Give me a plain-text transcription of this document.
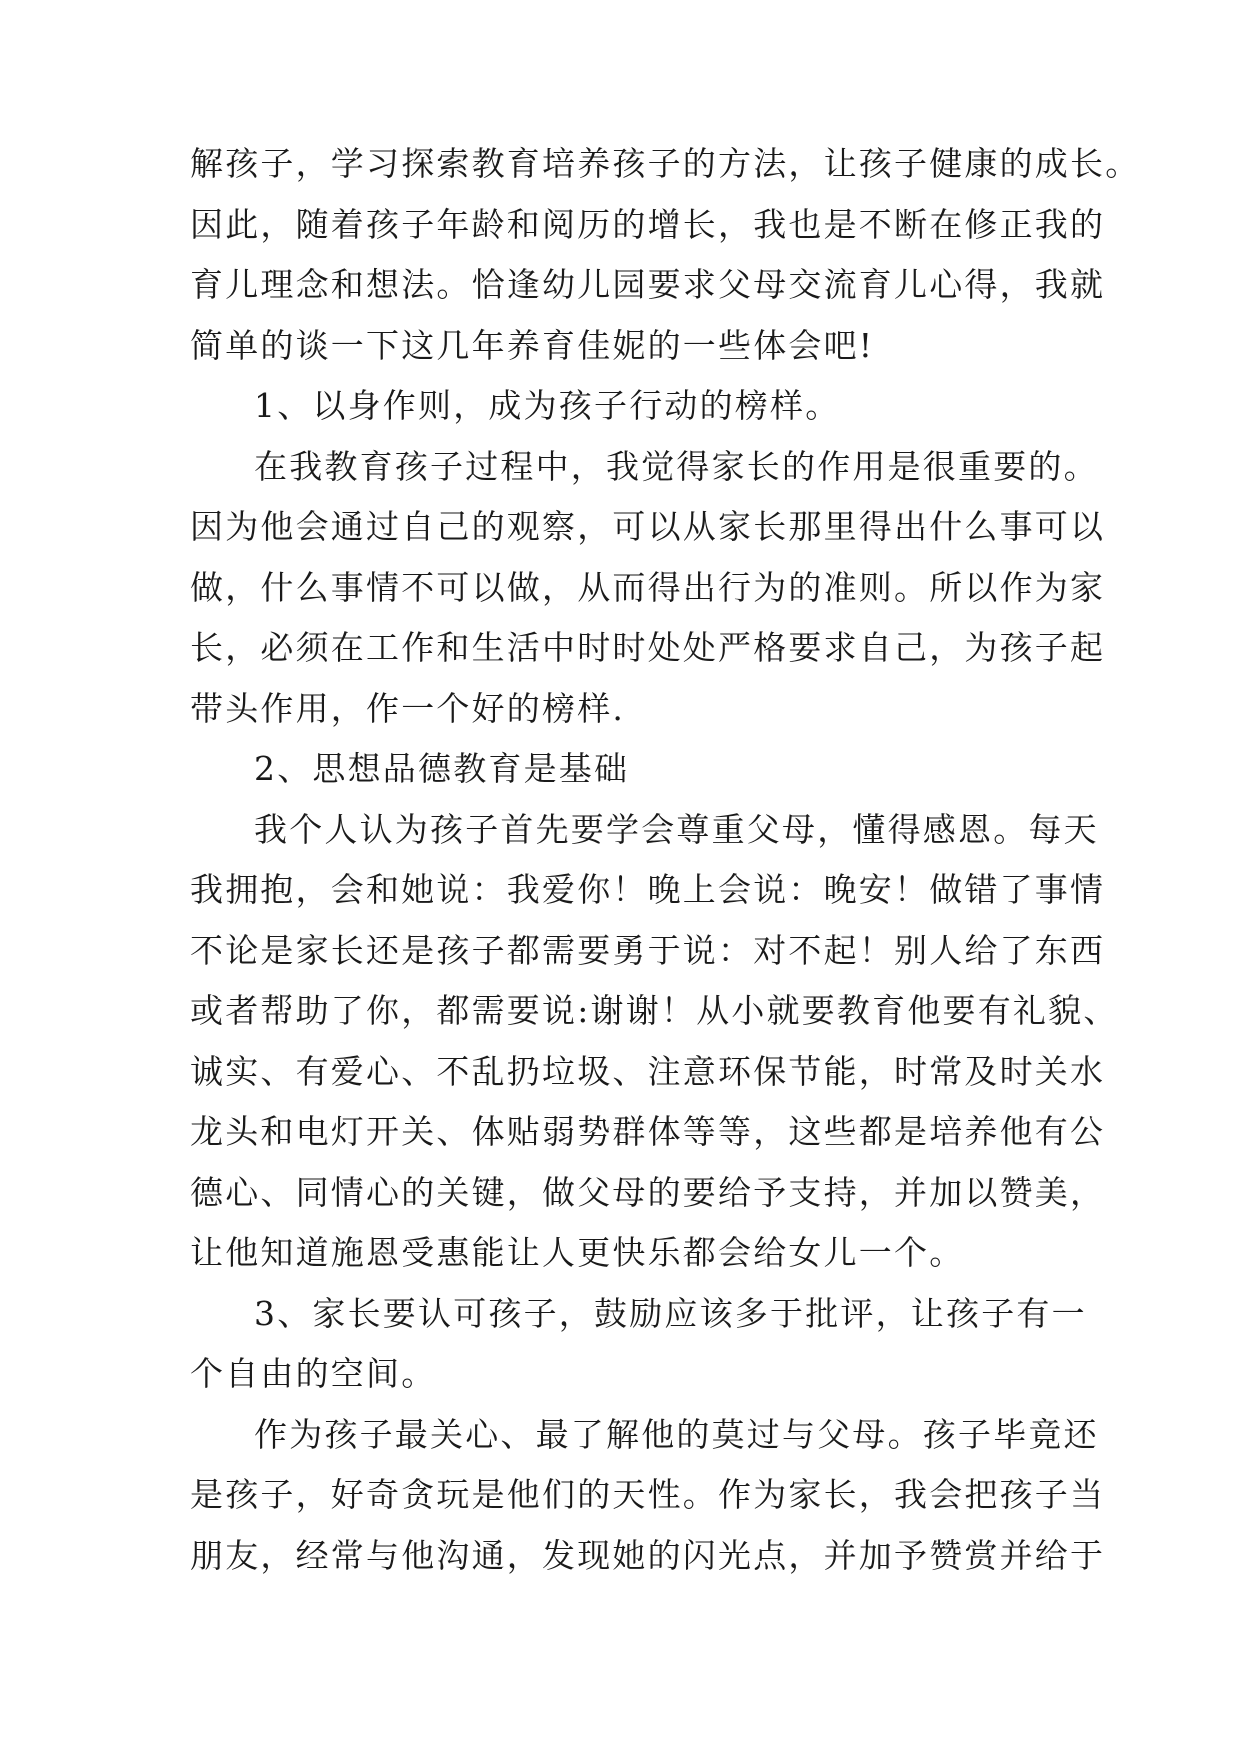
解孩子，学习探索教育培养孩子的方法，让孩子健康的成长。
因此，随着孩子年龄和阅历的增长，我也是不断在修正我的
育儿理念和想法。恰逢幼儿园要求父母交流育儿心得，我就
简单的谈一下这几年养育佳妮的一些体会吧!
1、以身作则，成为孩子行动的榜样。
在我教育孩子过程中，我觉得家长的作用是很重要的。
因为他会通过自己的观察，可以从家长那里得出什么事可以
做，什么事情不可以做，从而得出行为的准则。所以作为家
长，必须在工作和生活中时时处处严格要求自己，为孩子起
带头作用，作一个好的榜样.
2、思想品德教育是基础
我个人认为孩子首先要学会尊重父母，懂得感恩。每天
我拥抱，会和她说：我爱你！晚上会说：晚安！做错了事情
不论是家长还是孩子都需要勇于说：对不起！别人给了东西
或者帮助了你，都需要说:谢谢！从小就要教育他要有礼貌、
诚实、有爱心、不乱扔垃圾、注意环保节能，时常及时关水
龙头和电灯开关、体贴弱势群体等等，这些都是培养他有公
德心、同情心的关键，做父母的要给予支持，并加以赞美，
让他知道施恩受惠能让人更快乐都会给女儿一个。
3、家长要认可孩子，鼓励应该多于批评，让孩子有一
个自由的空间。
作为孩子最关心、最了解他的莫过与父母。孩子毕竟还
是孩子，好奇贪玩是他们的天性。作为家长，我会把孩子当
朋友，经常与他沟通，发现她的闪光点，并加予赞赏并给于
